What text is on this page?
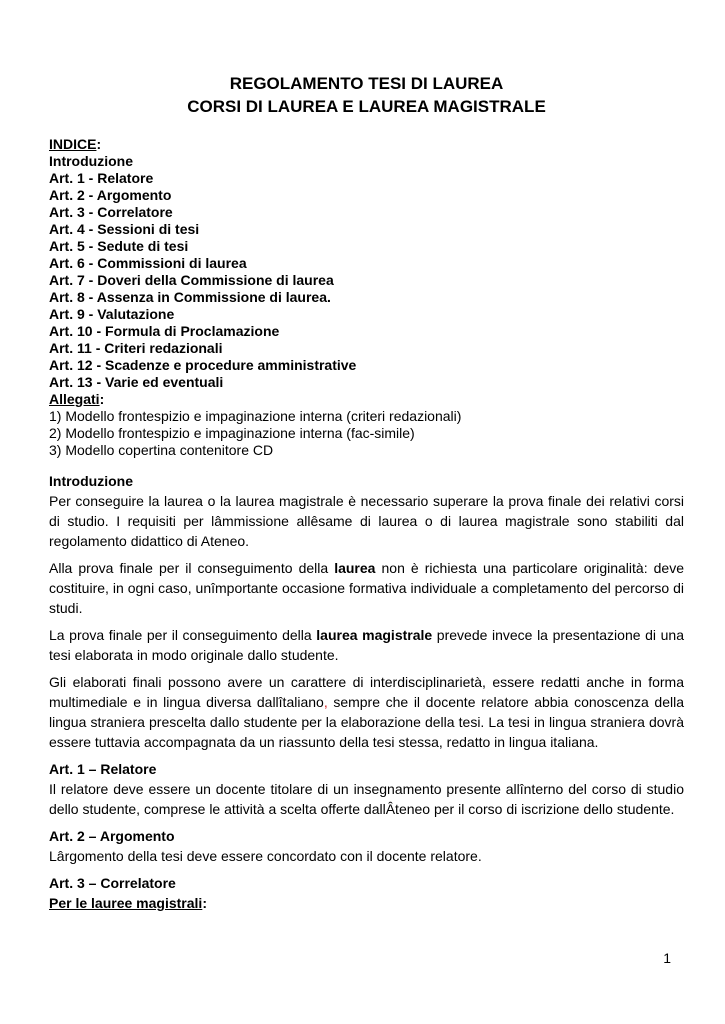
REGOLAMENTO TESI DI LAUREA
CORSI DI LAUREA E LAUREA MAGISTRALE
INDICE:
Introduzione
Art. 1 - Relatore
Art. 2 - Argomento
Art. 3 - Correlatore
Art. 4 - Sessioni di tesi
Art. 5 - Sedute di tesi
Art. 6 - Commissioni di laurea
Art. 7 - Doveri della Commissione di laurea
Art. 8 - Assenza in Commissione di laurea.
Art. 9 - Valutazione
Art. 10 - Formula di Proclamazione
Art. 11 - Criteri redazionali
Art. 12 - Scadenze e procedure amministrative
Art. 13 - Varie ed eventuali
Allegati:
1) Modello frontespizio e impaginazione interna (criteri redazionali)
2) Modello frontespizio e impaginazione interna (fac-simile)
3) Modello copertina contenitore CD
Introduzione

Per conseguire la laurea o la laurea magistrale è necessario superare la prova finale dei relativi corsi di studio. I requisiti per lâmmissione allêsame di laurea o di laurea magistrale sono stabiliti dal regolamento didattico di Ateneo.

Alla prova finale per il conseguimento della laurea non è richiesta una particolare originalità: deve costituire, in ogni caso, unîmportante occasione formativa individuale a completamento del percorso di studi.

La prova finale per il conseguimento della laurea magistrale prevede invece la presentazione di una tesi elaborata in modo originale dallo studente.

Gli elaborati finali possono avere un carattere di interdisciplinarietà, essere redatti anche in forma multimediale e in lingua diversa dallîtaliano, sempre che il docente relatore abbia conoscenza della lingua straniera prescelta dallo studente per la elaborazione della tesi. La tesi in lingua straniera dovrà essere tuttavia accompagnata da un riassunto della tesi stessa, redatto in lingua italiana.

Art. 1 – Relatore

Il relatore deve essere un docente titolare di un insegnamento presente allînterno del corso di studio dello studente, comprese le attività a scelta offerte dallÂteneo per il corso di iscrizione dello studente.

Art. 2 – Argomento

Lârgomento della tesi deve essere concordato con il docente relatore.

Art. 3 – Correlatore

Per le lauree magistrali:

1
